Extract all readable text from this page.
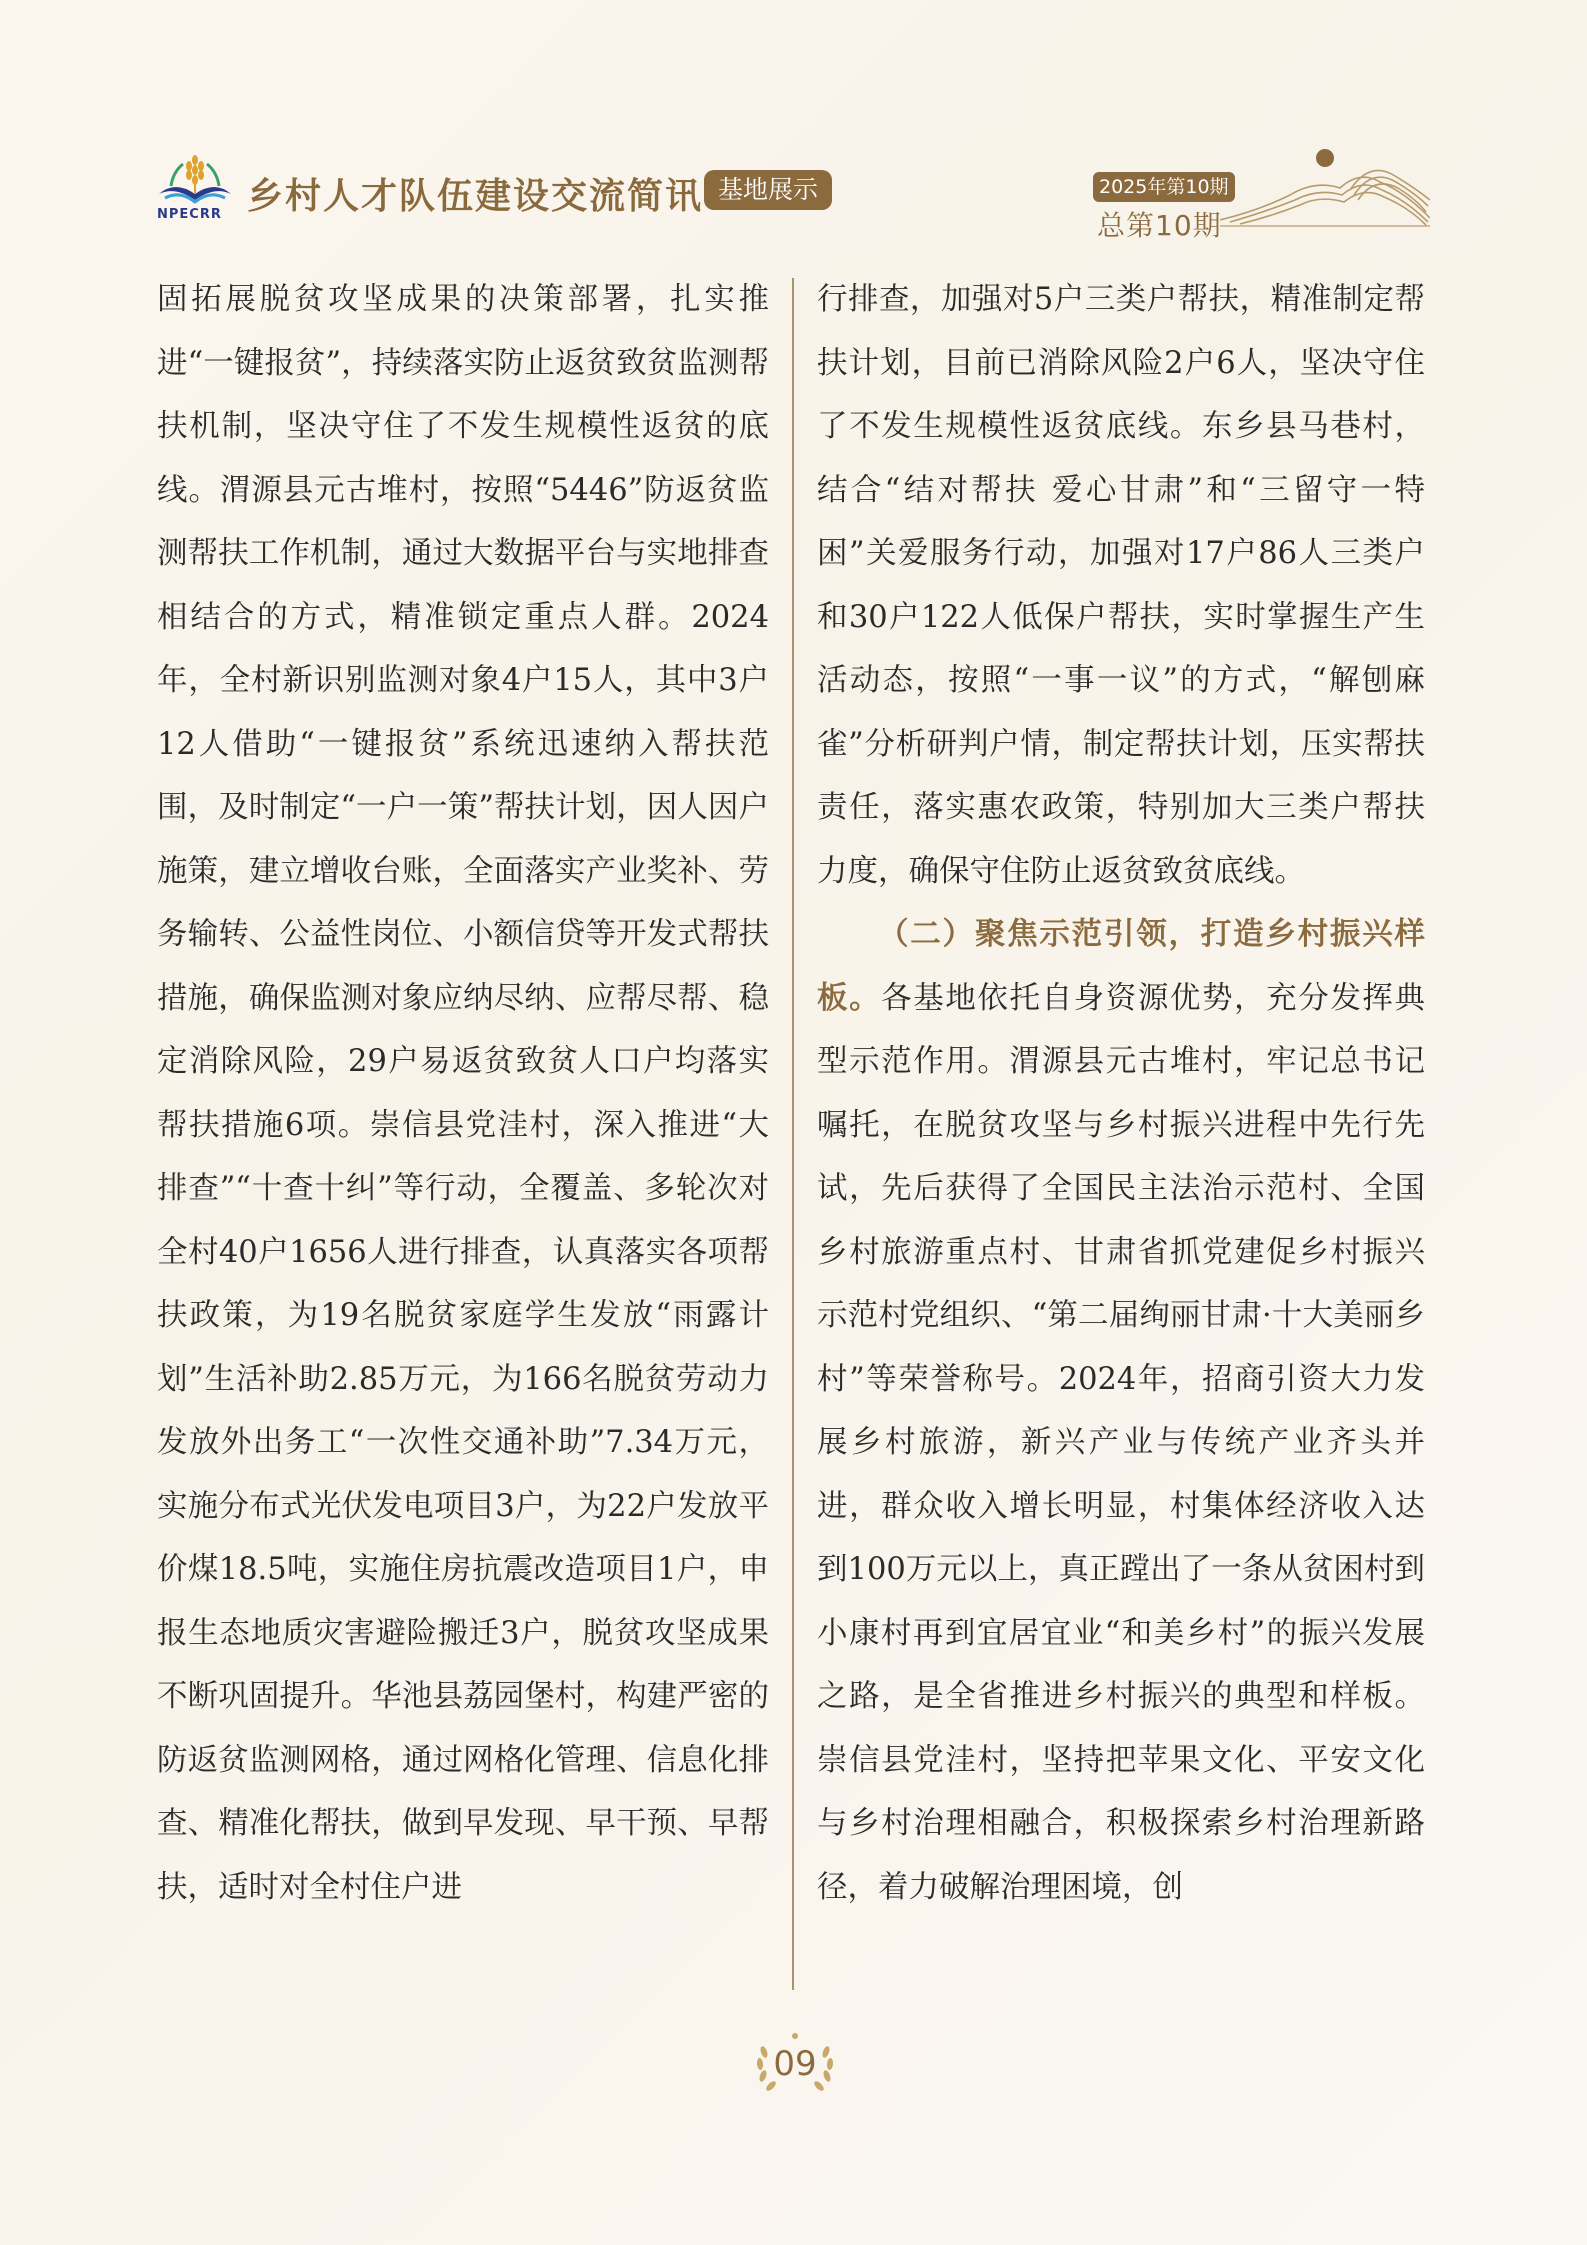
NPECRR 乡村人才队伍建设交流简讯 基地展示	2025年第10期
总第10期

固拓展脱贫攻坚成果的决策部署，扎实推进“一键报贫”，持续落实防止返贫致贫监测帮扶机制，坚决守住了不发生规模性返贫的底线。渭源县元古堆村，按照“5446”防返贫监测帮扶工作机制，通过大数据平台与实地排查相结合的方式，精准锁定重点人群。2024年，全村新识别监测对象4户15人，其中3户12人借助“一键报贫”系统迅速纳入帮扶范围，及时制定“一户一策”帮扶计划，因人因户施策，建立增收台账，全面落实产业奖补、劳务输转、公益性岗位、小额信贷等开发式帮扶措施，确保监测对象应纳尽纳、应帮尽帮、稳定消除风险，29户易返贫致贫人口户均落实帮扶措施6项。崇信县党洼村，深入推进“大排查”“十查十纠”等行动，全覆盖、多轮次对全村40户1656人进行排查，认真落实各项帮扶政策，为19名脱贫家庭学生发放“雨露计划”生活补助2.85万元，为166名脱贫劳动力发放外出务工“一次性交通补助”7.34万元，实施分布式光伏发电项目3户，为22户发放平价煤18.5吨，实施住房抗震改造项目1户，申报生态地质灾害避险搬迁3户，脱贫攻坚成果不断巩固提升。华池县荔园堡村，构建严密的防返贫监测网格，通过网格化管理、信息化排查、精准化帮扶，做到早发现、早干预、早帮扶，适时对全村住户进

行排查，加强对5户三类户帮扶，精准制定帮扶计划，目前已消除风险2户6人，坚决守住了不发生规模性返贫底线。东乡县马巷村， 结合“结对帮扶 爱心甘肃”和“三留守一特困”关爱服务行动，加强对17户86人三类户和30户122人低保户帮扶，实时掌握生产生活动态，按照“一事一议”的方式，“解刨麻雀”分析研判户情，制定帮扶计划，压实帮扶责任，落实惠农政策，特别加大三类户帮扶力度，确保守住防止返贫致贫底线。

（二）聚焦示范引领，打造乡村振兴样板。各基地依托自身资源优势，充分发挥典型示范作用。渭源县元古堆村，牢记总书记嘱托，在脱贫攻坚与乡村振兴进程中先行先试，先后获得了全国民主法治示范村、全国乡村旅游重点村、甘肃省抓党建促乡村振兴示范村党组织、“第二届绚丽甘肃·十大美丽乡村”等荣誉称号。2024年，招商引资大力发展乡村旅游，新兴产业与传统产业齐头并进，群众收入增长明显，村集体经济收入达到100万元以上，真正蹚出了一条从贫困村到小康村再到宜居宜业“和美乡村”的振兴发展之路，是全省推进乡村振兴的典型和样板。崇信县党洼村，坚持把苹果文化、平安文化与乡村治理相融合，积极探索乡村治理新路径，着力破解治理困境，创

09
